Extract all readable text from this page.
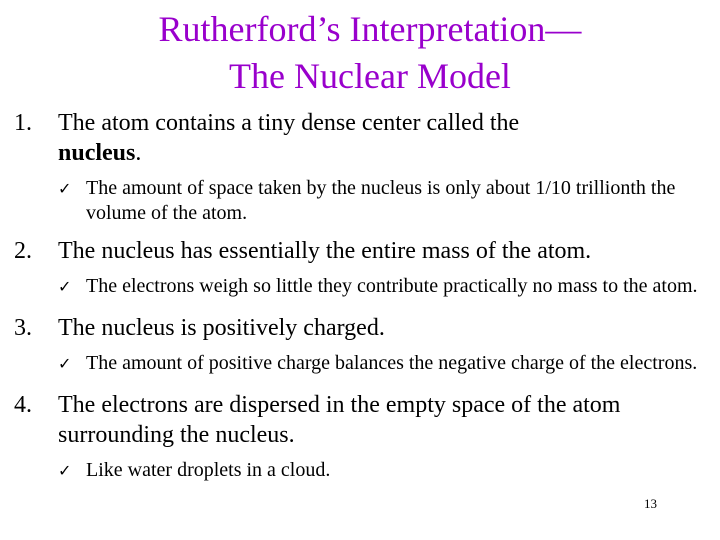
Rutherford’s Interpretation—
The Nuclear Model
1. The atom contains a tiny dense center called the
nucleus.
✓ The amount of space taken by the nucleus is only about 1/10 trillionth the volume of the atom.
2. The nucleus has essentially the entire mass of the atom.
✓ The electrons weigh so little they contribute practically no mass to the atom.
3. The nucleus is positively charged.
✓ The amount of positive charge balances the negative charge of the electrons.
4. The electrons are dispersed in the empty space of the atom surrounding the nucleus.
✓ Like water droplets in a cloud.
13
